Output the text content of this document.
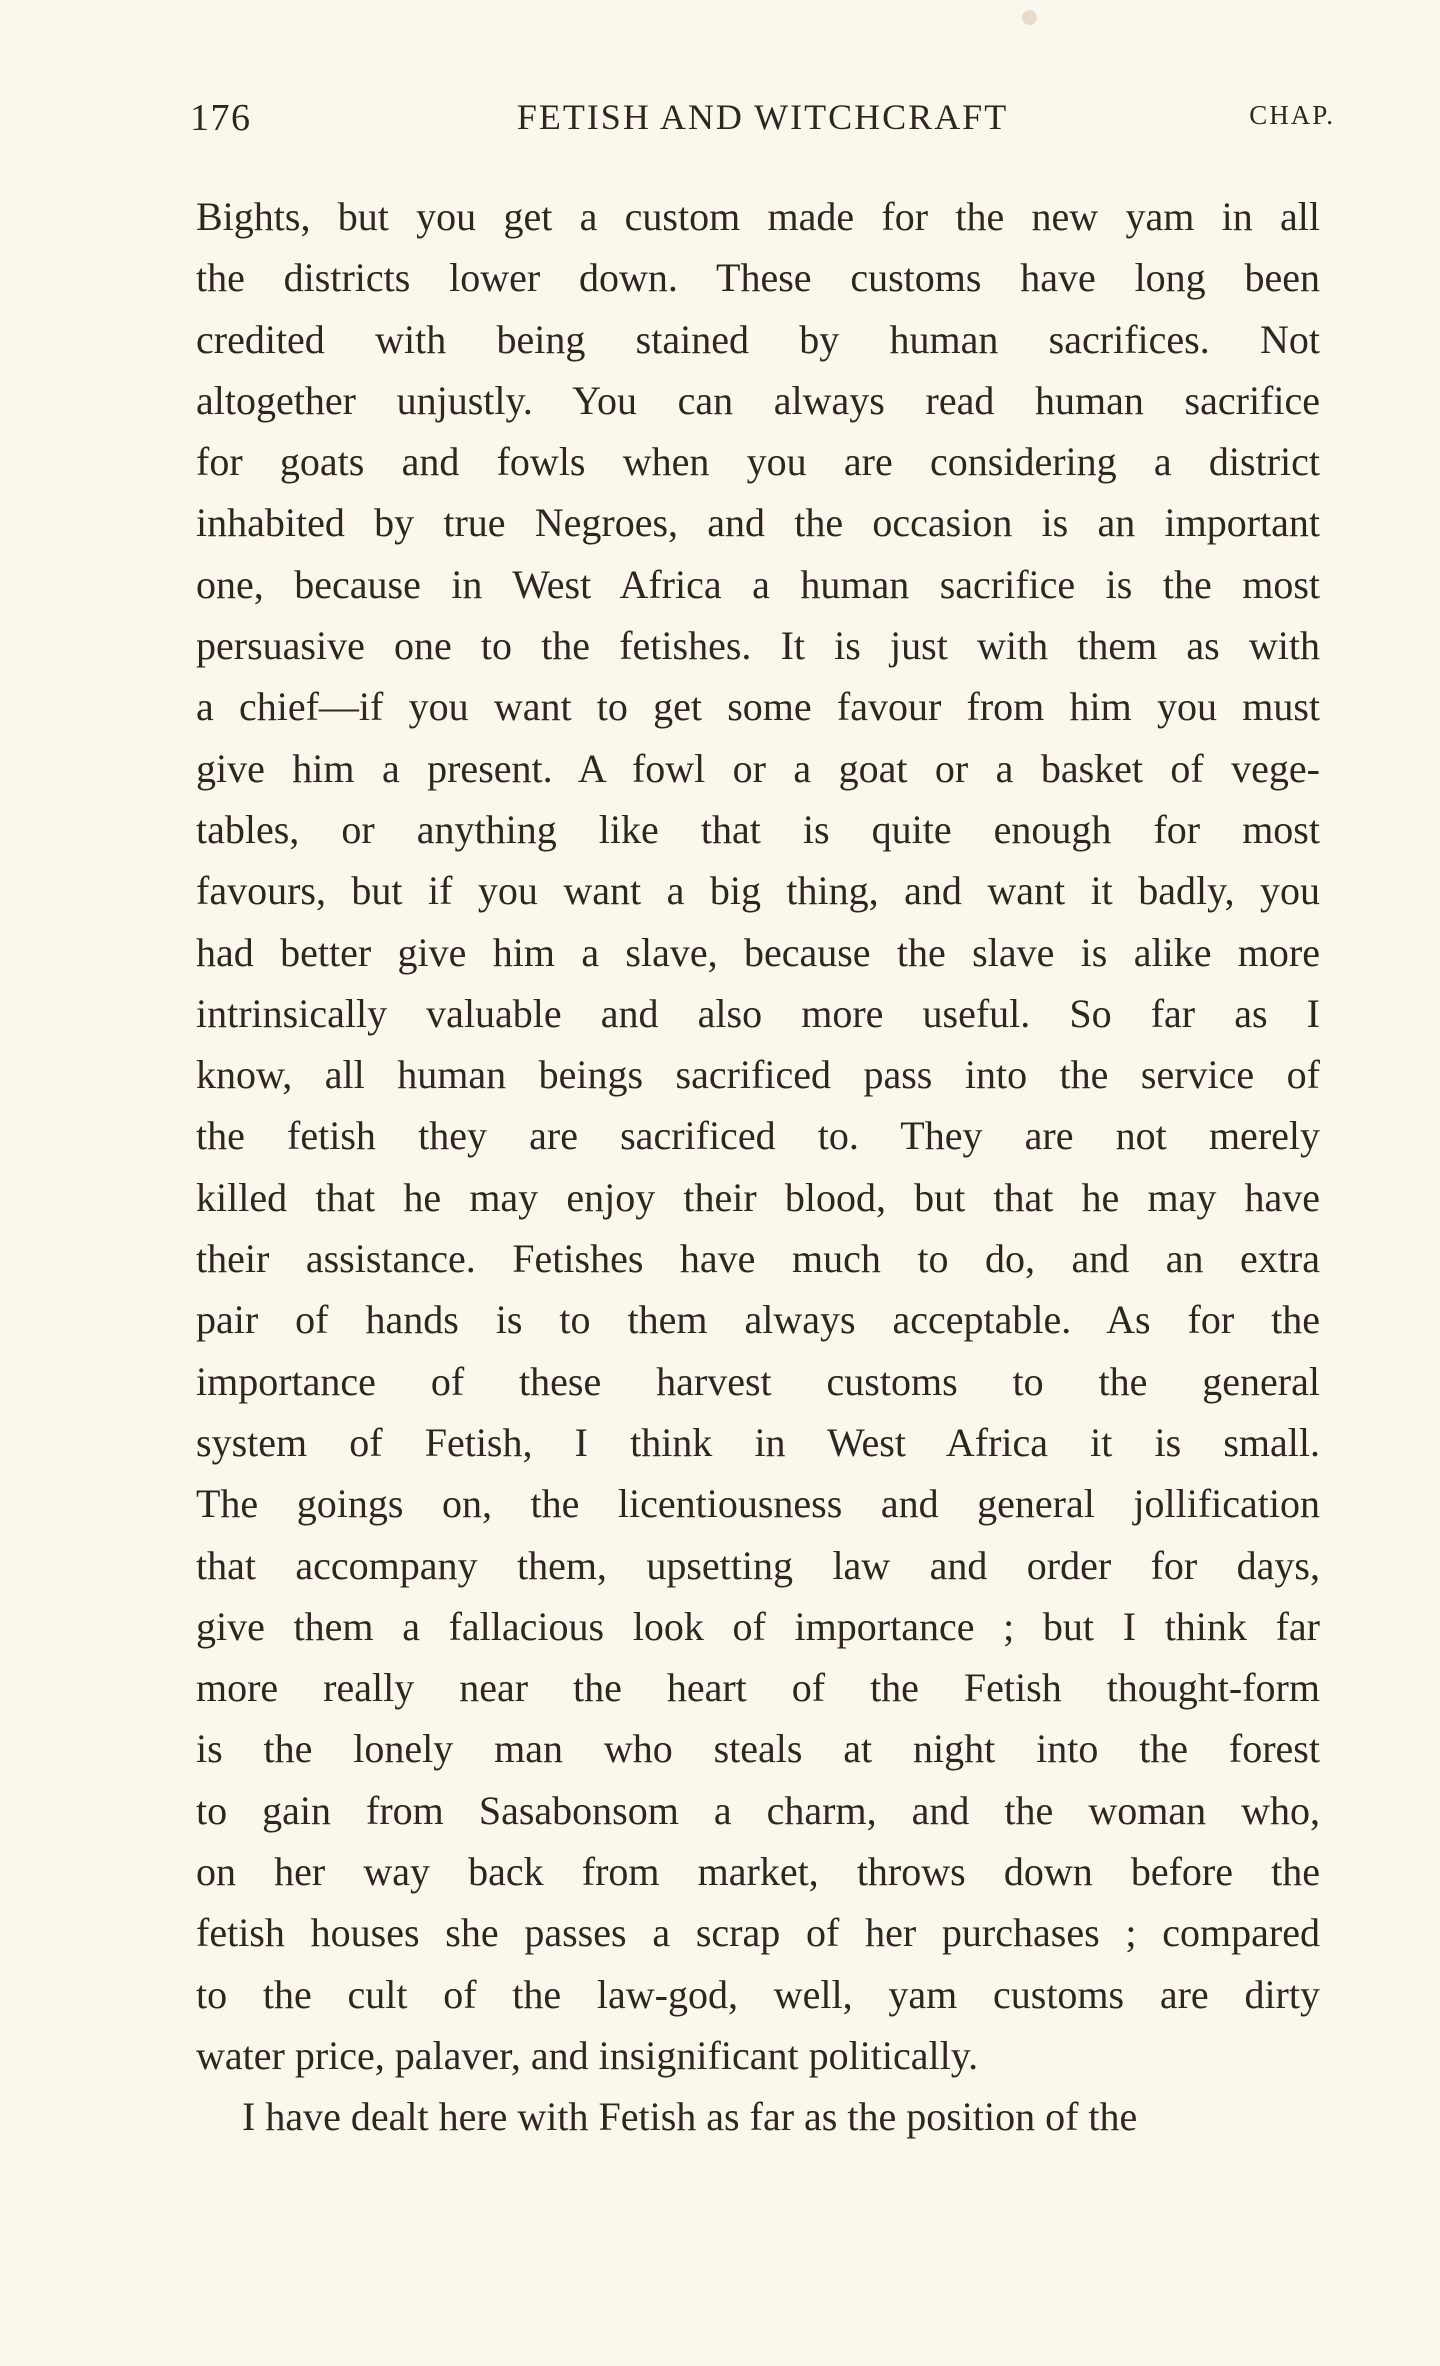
176	FETISH AND WITCHCRAFT	CHAP.
Bights, but you get a custom made for the new yam in all
the districts lower down. These customs have long been
credited with being stained by human sacrifices. Not
altogether unjustly. You can always read human sacrifice
for goats and fowls when you are considering a district
inhabited by true Negroes, and the occasion is an important
one, because in West Africa a human sacrifice is the most
persuasive one to the fetishes. It is just with them as with
a chief—if you want to get some favour from him you must
give him a present. A fowl or a goat or a basket of vege-
tables, or anything like that is quite enough for most
favours, but if you want a big thing, and want it badly, you
had better give him a slave, because the slave is alike more
intrinsically valuable and also more useful. So far as I
know, all human beings sacrificed pass into the service of
the fetish they are sacrificed to. They are not merely
killed that he may enjoy their blood, but that he may have
their assistance. Fetishes have much to do, and an extra
pair of hands is to them always acceptable. As for the
importance of these harvest customs to the general
system of Fetish, I think in West Africa it is small.
The goings on, the licentiousness and general jollification
that accompany them, upsetting law and order for days,
give them a fallacious look of importance ; but I think far
more really near the heart of the Fetish thought-form
is the lonely man who steals at night into the forest
to gain from Sasabonsom a charm, and the woman who,
on her way back from market, throws down before the
fetish houses she passes a scrap of her purchases ; compared
to the cult of the law-god, well, yam customs are dirty
water price, palaver, and insignificant politically.
I have dealt here with Fetish as far as the position of the
